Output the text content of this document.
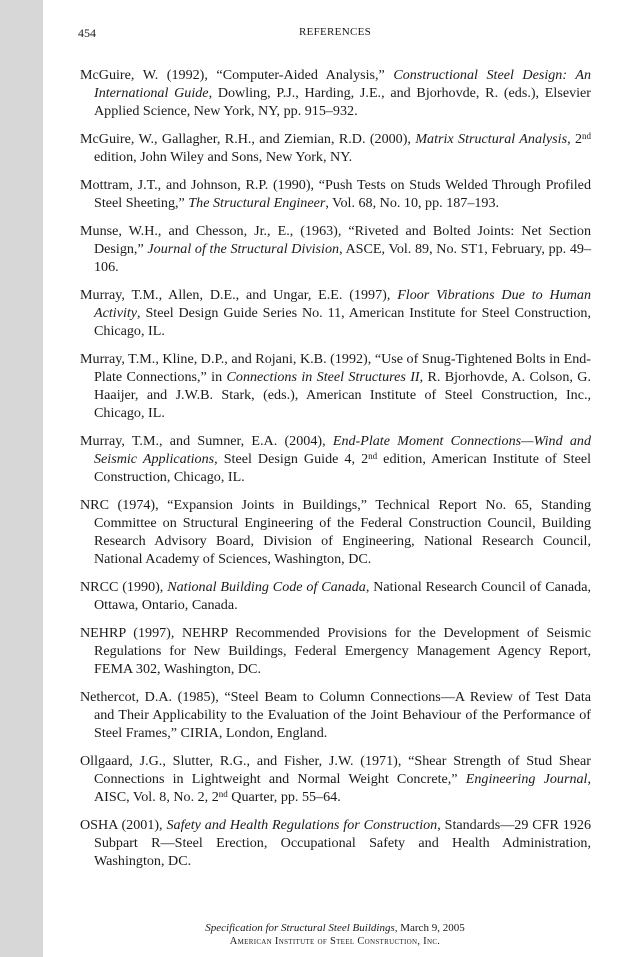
454	REFERENCES

McGuire, W. (1992), “Computer-Aided Analysis,” Constructional Steel Design: An International Guide, Dowling, P.J., Harding, J.E., and Bjorhovde, R. (eds.), Elsevier Applied Science, New York, NY, pp. 915–932.

McGuire, W., Gallagher, R.H., and Ziemian, R.D. (2000), Matrix Structural Analysis, 2nd edition, John Wiley and Sons, New York, NY.

Mottram, J.T., and Johnson, R.P. (1990), “Push Tests on Studs Welded Through Profiled Steel Sheeting,” The Structural Engineer, Vol. 68, No. 10, pp. 187–193.

Munse, W.H., and Chesson, Jr., E., (1963), “Riveted and Bolted Joints: Net Section Design,” Journal of the Structural Division, ASCE, Vol. 89, No. ST1, February, pp. 49–106.

Murray, T.M., Allen, D.E., and Ungar, E.E. (1997), Floor Vibrations Due to Human Activity, Steel Design Guide Series No. 11, American Institute for Steel Construction, Chicago, IL.

Murray, T.M., Kline, D.P., and Rojani, K.B. (1992), “Use of Snug-Tightened Bolts in End-Plate Connections,” in Connections in Steel Structures II, R. Bjorhovde, A. Colson, G. Haaijer, and J.W.B. Stark, (eds.), American Institute of Steel Construction, Inc., Chicago, IL.

Murray, T.M., and Sumner, E.A. (2004), End-Plate Moment Connections—Wind and Seismic Applications, Steel Design Guide 4, 2nd edition, American Institute of Steel Construction, Chicago, IL.

NRC (1974), “Expansion Joints in Buildings,” Technical Report No. 65, Standing Committee on Structural Engineering of the Federal Construction Council, Building Research Advisory Board, Division of Engineering, National Research Council, National Academy of Sciences, Washington, DC.

NRCC (1990), National Building Code of Canada, National Research Council of Canada, Ottawa, Ontario, Canada.

NEHRP (1997), NEHRP Recommended Provisions for the Development of Seismic Regulations for New Buildings, Federal Emergency Management Agency Report, FEMA 302, Washington, DC.

Nethercot, D.A. (1985), “Steel Beam to Column Connections—A Review of Test Data and Their Applicability to the Evaluation of the Joint Behaviour of the Performance of Steel Frames,” CIRIA, London, England.

Ollgaard, J.G., Slutter, R.G., and Fisher, J.W. (1971), “Shear Strength of Stud Shear Connections in Lightweight and Normal Weight Concrete,” Engineering Journal, AISC, Vol. 8, No. 2, 2nd Quarter, pp. 55–64.

OSHA (2001), Safety and Health Regulations for Construction, Standards—29 CFR 1926 Subpart R—Steel Erection, Occupational Safety and Health Administration, Washington, DC.

Specification for Structural Steel Buildings, March 9, 2005
American Institute of Steel Construction, Inc.
